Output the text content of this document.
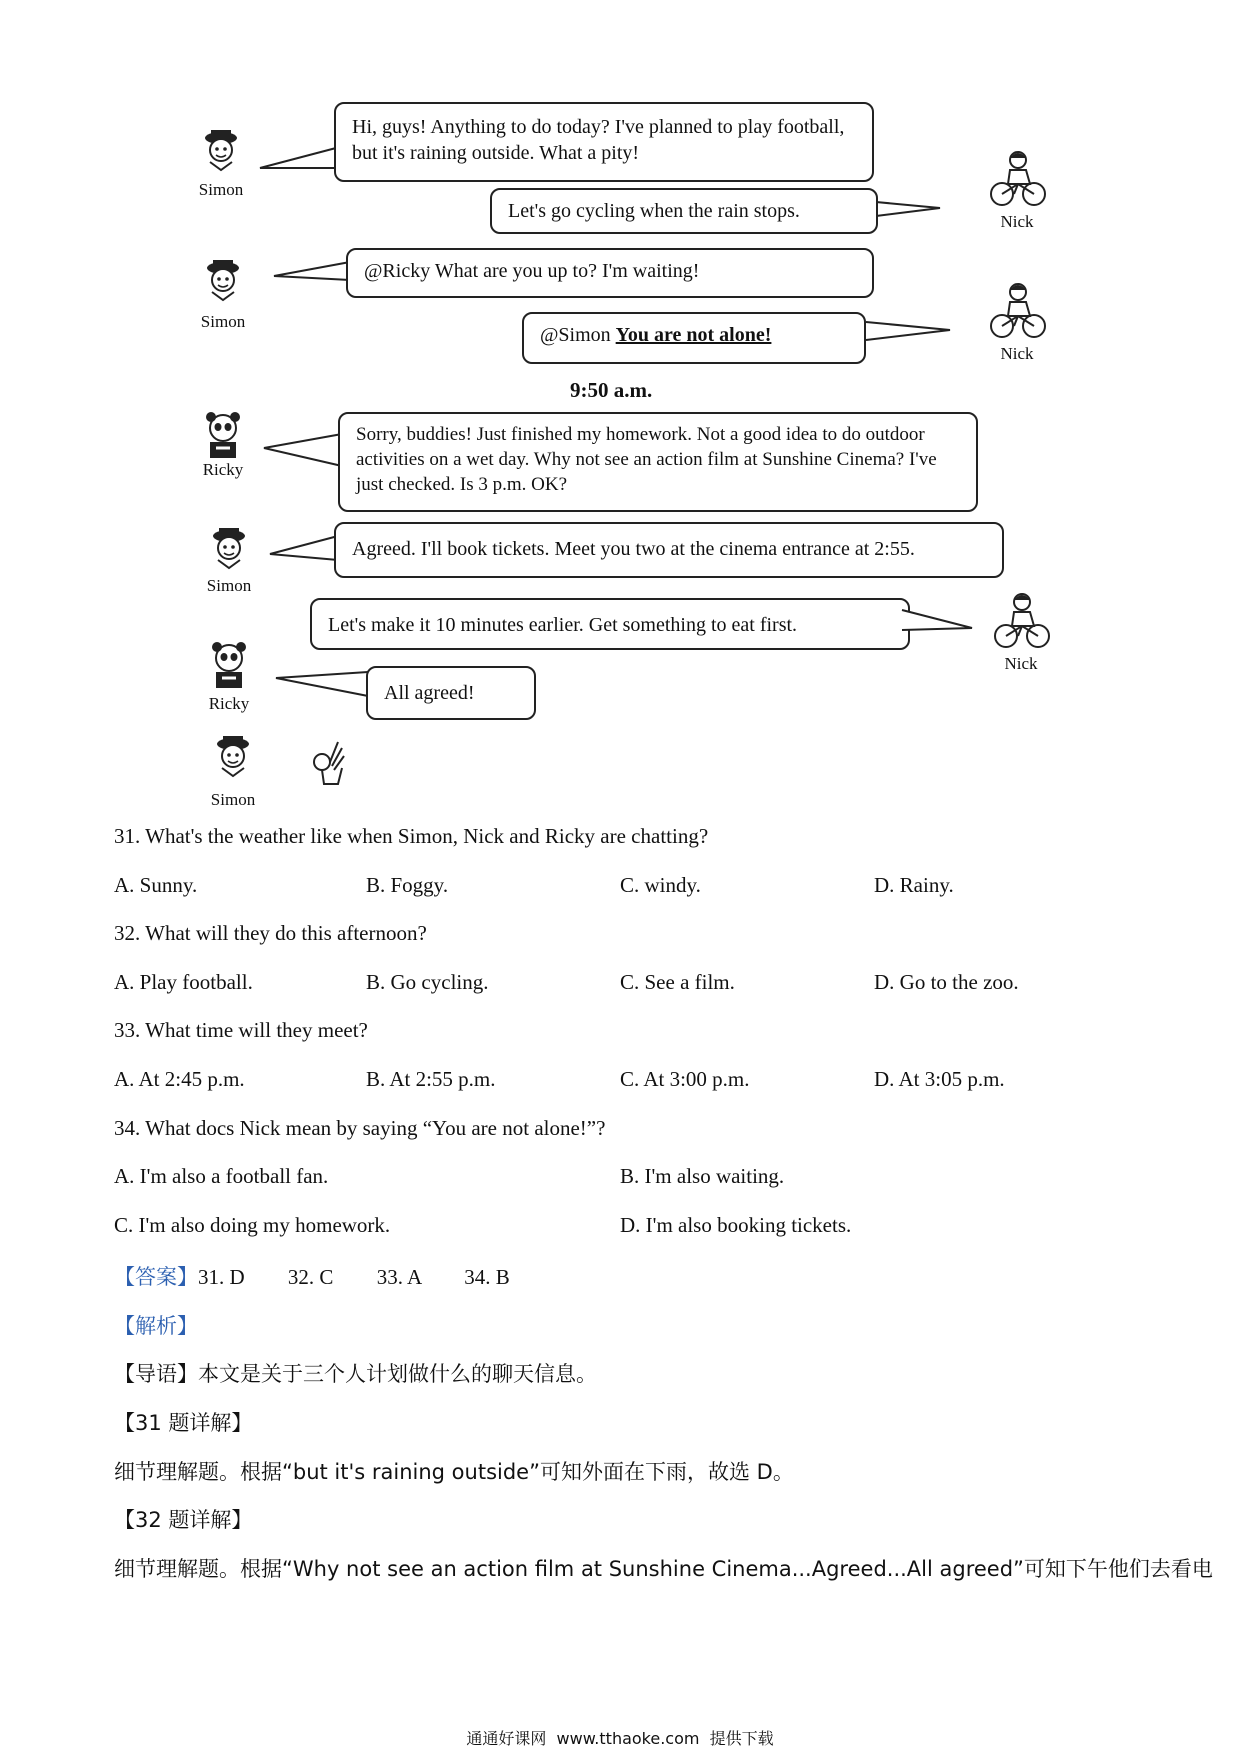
Simon
Hi, guys! Anything to do today? I've planned to play football, but it's raining outside. What a pity!
Let's go cycling when the rain stops.	Nick
Simon
@Ricky What are you up to? I'm waiting!
@Simon You are not alone!
Nick
9:50 a.m.
Ricky
Sorry, buddies! Just finished my homework. Not a good idea to do outdoor activities on a wet day. Why not see an action film at Sunshine Cinema? I've just checked. Is 3 p.m. OK?
Simon
Agreed. I'll book tickets. Meet you two at the cinema entrance at 2:55.
Let's make it 10 minutes earlier. Get something to eat first.
Nick
Ricky	All agreed!
Simon
31. What's the weather like when Simon, Nick and Ricky are chatting?
A. Sunny.	B. Foggy.	C. windy.	D. Rainy.
32. What will they do this afternoon?
A. Play football.	B. Go cycling.	C. See a film.	D. Go to the zoo.
33. What time will they meet?
A. At 2:45 p.m.	B. At 2:55 p.m.	C. At 3:00 p.m.	D. At 3:05 p.m.
34. What docs Nick mean by saying “You are not alone!”?
A. I'm also a football fan.	B. I'm also waiting.
C. I'm also doing my homework.	D. I'm also booking tickets.
【答案】31. D 32. C 33. A 34. B
【解析】
【导语】本文是关于三个人计划做什么的聊天信息。
【31 题详解】
细节理解题。根据“but it's raining outside”可知外面在下雨，故选 D。
【32 题详解】
细节理解题。根据“Why not see an action film at Sunshine Cinema...Agreed...All agreed”可知下午他们去看电
通通好课网  www.tthaoke.com  提供下载
